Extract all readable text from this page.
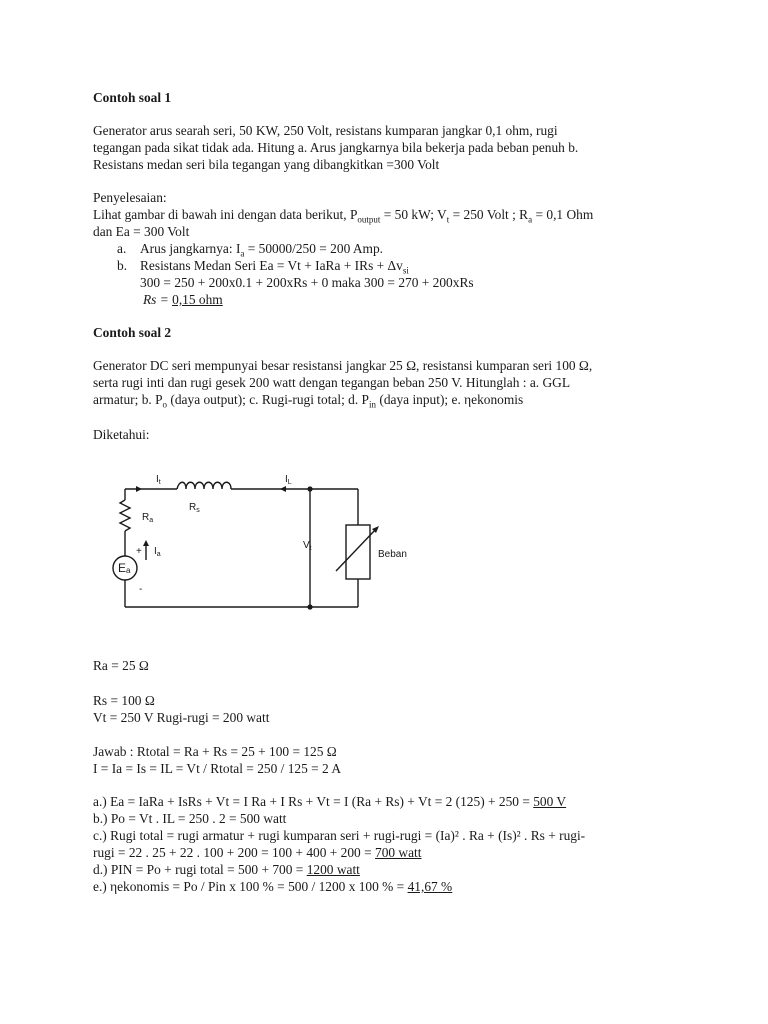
Contoh soal 1
Generator arus searah seri, 50 KW, 250 Volt, resistans kumparan jangkar 0,1 ohm, rugi
tegangan pada sikat tidak ada. Hitung a. Arus jangkarnya bila bekerja pada beban penuh b.
Resistans medan seri bila tegangan yang dibangkitkan =300 Volt
Penyelesaian:
Lihat gambar di bawah ini dengan data berikut, $P_{output} = 50$ kW; $V_t = 250$ Volt ; $R_a = 0,1$ Ohm
dan Ea = 300 Volt
a. Arus jangkarnya: $I_a = 50000/250 = 200$ Amp.
b. Resistans Medan Seri Ea = Vt + IaRa + IRs + $\Delta v_{si}$
300 = 250 + 200x0.1 + 200xRs + 0 maka 300 = 270 + 200xRs
Rs = 0,15 ohm
Contoh soal 2
Generator DC seri mempunyai besar resistansi jangkar 25 Ω, resistansi kumparan seri 100 Ω,
serta rugi inti dan rugi gesek 200 watt dengan tegangan beban 250 V. Hitunglah : a. GGL
armatur; b. $P_o$ (daya output); c. Rugi-rugi total; d. $P_{in}$ (daya input); e. ηekonomis
Diketahui:
$I_t$	$I_L$
$R_s$
$R_a$
+ $I_a$
Ea
-
$V_t$
Beban
Ra = 25 Ω
Rs = 100 Ω
Vt = 250 V Rugi-rugi = 200 watt
Jawab : Rtotal = Ra + Rs = 25 + 100 = 125 Ω
I = Ia = Is = IL = Vt / Rtotal = 250 / 125 = 2 A
a.) Ea = IaRa + IsRs + Vt = I Ra + I Rs + Vt = I (Ra + Rs) + Vt = 2 (125) + 250 = 500 V
b.) Po = Vt . IL = 250 . 2 = 500 watt
c.) Rugi total = rugi armatur + rugi kumparan seri + rugi-rugi = (Ia)² . Ra + (Is)² . Rs + rugi-
rugi = 22 . 25 + 22 . 100 + 200 = 100 + 400 + 200 = 700 watt
d.) PIN = Po + rugi total = 500 + 700 = 1200 watt
e.) ηekonomis = Po / Pin x 100 % = 500 / 1200 x 100 % = 41,67 %
